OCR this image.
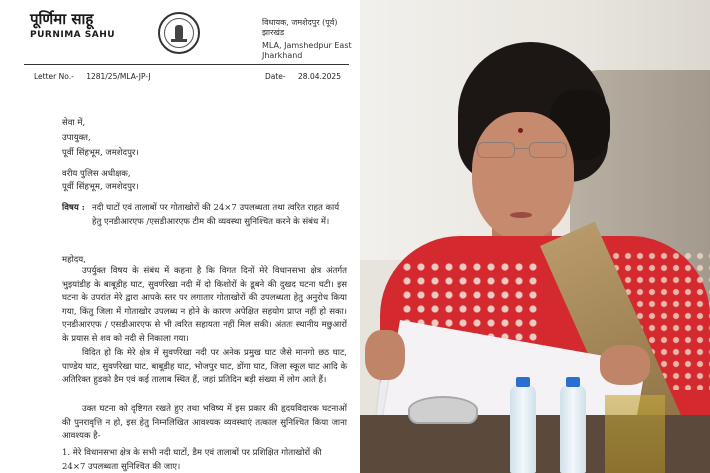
पूर्णिमा साहू
PURNIMA SAHU
विधायक, जमशेदपुर (पूर्व)
झारखंड
MLA, Jamshedpur East
Jharkhand
Letter No.- 1281/25/MLA-JP-J	Date- 28.04.2025
सेवा में,
उपायुक्त,
पूर्वी सिंहभूम, जमशेदपुर।
वरीय पुलिस अधीक्षक,
पूर्वी सिंहभूम, जमशेदपुर।
विषय : नदी घाटों एवं तालाबों पर गोताखोरों की 24×7 उपलब्धता तथा त्वरित राहत कार्य हेतु एनडीआरएफ /एसडीआरएफ टीम की व्यवस्था सुनिश्चित करने के संबंध में।
महोदय,
उपर्युक्त विषय के संबंध में कहना है कि विगत दिनों मेरे विधानसभा क्षेत्र अंतर्गत भुइयांडीह के बाबूडीह घाट, सुवर्णरेखा नदी में दो किशोरों के डूबने की दुखद घटना घटी। इस घटना के उपरांत मेरे द्वारा आपके स्तर पर लगातार गोताखोरों की उपलब्धता हेतु अनुरोध किया गया, किंतु जिला में गोताखोर उपलब्ध न होने के कारण अपेक्षित सहयोग प्राप्त नहीं हो सका। एनडीआरएफ / एसडीआरएफ से भी त्वरित सहायता नहीं मिल सकी। अंततः स्थानीय मछुआरों के प्रयास से शव को नदी से निकाला गया।
विदित हो कि मेरे क्षेत्र में सुवर्णरेखा नदी पर अनेक प्रमुख घाट जैसे मानगो छठ घाट, पाण्डेय घाट, सुवर्णरेखा घाट, बाबूडीह घाट, भोजपुर घाट, डोंगा घाट, जिला स्कूल घाट आदि के अतिरिक्त हुडको डैम एवं कई तालाब स्थित हैं, जहां प्रतिदिन बड़ी संख्या में लोग आते हैं।
उक्त घटना को दृष्टिगत रखते हुए तथा भविष्य में इस प्रकार की हृदयविदारक घटनाओं की पुनरावृत्ति न हो, इस हेतु निम्नलिखित आवश्यक व्यवस्थाएं तत्काल सुनिश्चित किया जाना आवश्यक है-
1. मेरे विधानसभा क्षेत्र के सभी नदी घाटों, डैम एवं तालाबों पर प्रशिक्षित गोताखोरों की 24×7 उपलब्धता सुनिश्चित की जाए।
